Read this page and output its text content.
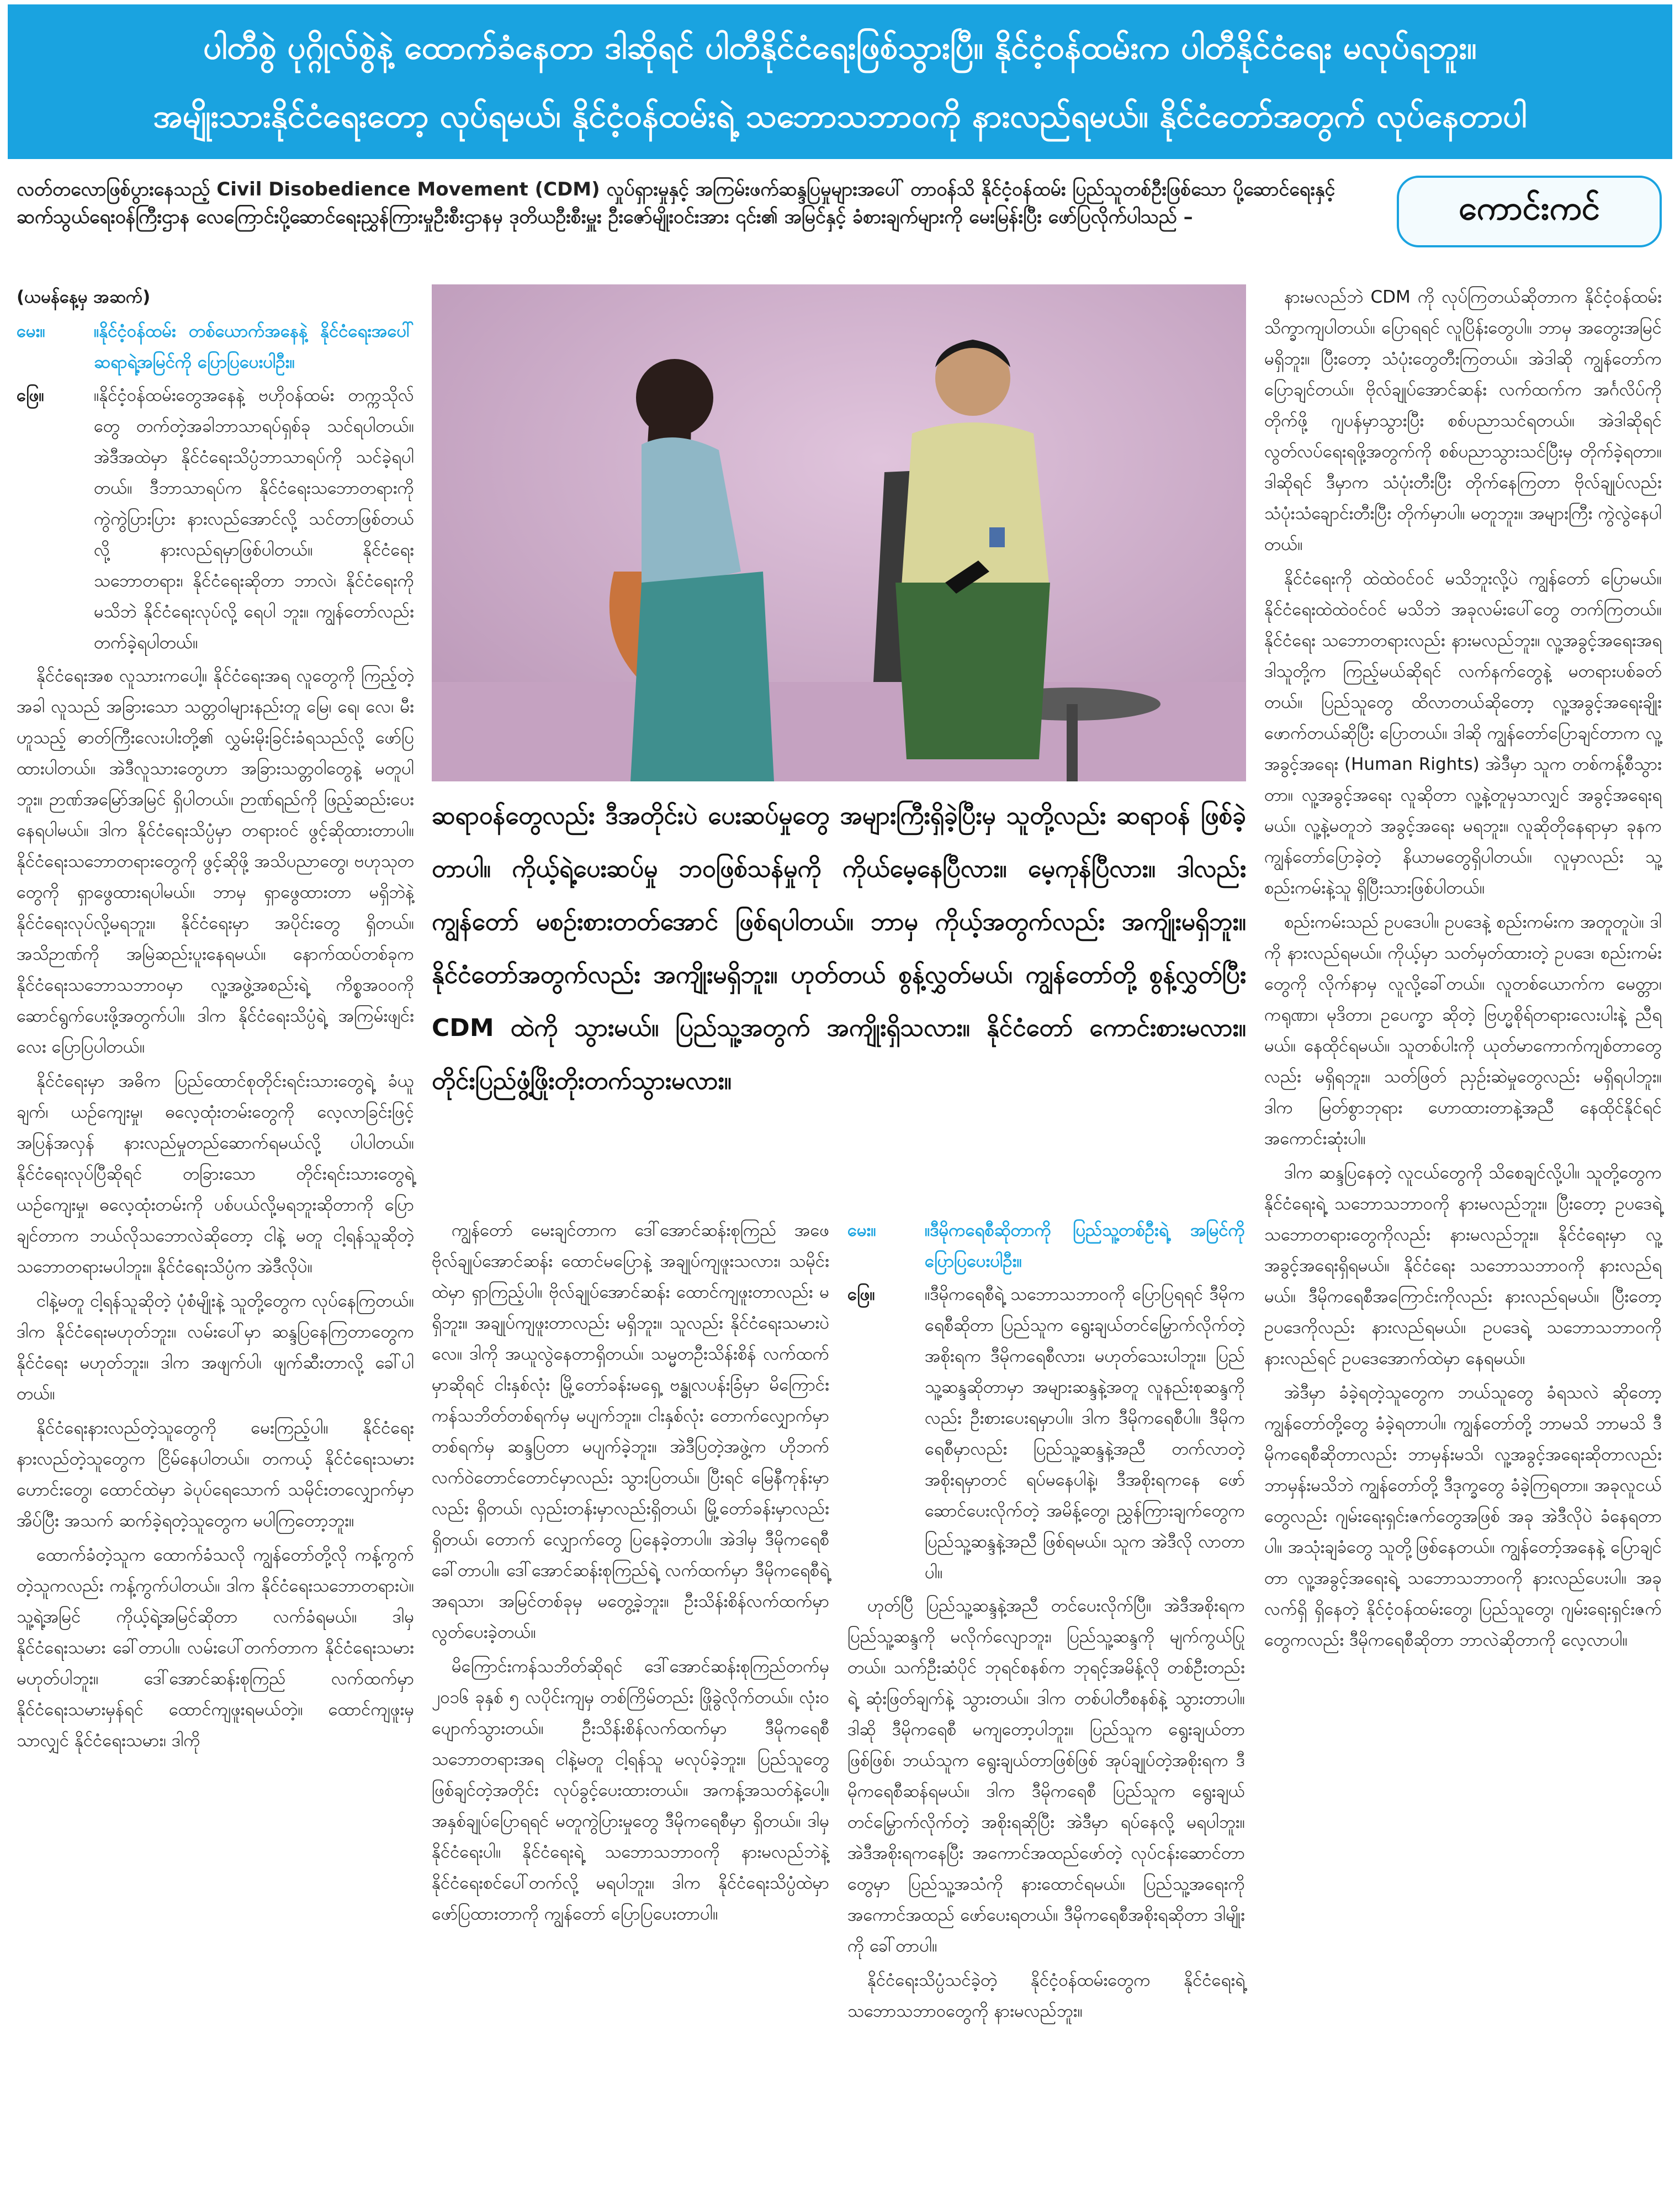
ပါတီစွဲ ပုဂ္ဂိုလ်စွဲနဲ့ ထောက်ခံနေတာ ဒါဆိုရင် ပါတီနိုင်ငံရေးဖြစ်သွားပြီ။ နိုင်ငံ့ဝန်ထမ်းက ပါတီနိုင်ငံရေး မလုပ်ရဘူး။
အမျိုးသားနိုင်ငံရေးတော့ လုပ်ရမယ်၊ နိုင်ငံ့ဝန်ထမ်းရဲ့ သဘောသဘာဝကို နားလည်ရမယ်။ နိုင်ငံတော်အတွက် လုပ်နေတာပါ
လတ်တလောဖြစ်ပွားနေသည့် Civil Disobedience Movement (CDM) လှုပ်ရှားမှုနှင့် အကြမ်းဖက်ဆန္ဒပြမှုများအပေါ် တာဝန်သိ နိုင်ငံ့ဝန်ထမ်း ပြည်သူတစ်ဦးဖြစ်သော ပို့ဆောင်ရေးနှင့် ဆက်သွယ်ရေးဝန်ကြီးဌာန လေကြောင်းပို့ဆောင်ရေးညွှန်ကြားမှုဦးစီးဌာနမှ ဒုတိယဦးစီးမှူး ဦးဇော်မျိုးဝင်းအား ၎င်း၏ အမြင်နှင့် ခံစားချက်များကို မေးမြန်းပြီး ဖော်ပြလိုက်ပါသည် –	ကောင်းကင်

(ယမန်နေ့မှ အဆက်)

မေး။	။နိုင်ငံ့ဝန်ထမ်း တစ်ယောက်အနေနဲ့ နိုင်ငံရေးအပေါ် ဆရာရဲ့အမြင်ကို ပြောပြပေးပါဦး။
ဖြေ။	။နိုင်ငံ့ဝန်ထမ်းတွေအနေနဲ့ ဗဟိုဝန်ထမ်း တက္ကသိုလ်တွေ တက်တဲ့အခါဘာသာရပ်ရှစ်ခု သင်ရပါတယ်။ အဲဒီအထဲမှာ နိုင်ငံရေးသိပ္ပံဘာသာရပ်ကို သင်ခဲ့ရပါတယ်။ ဒီဘာသာရပ်က နိုင်ငံရေးသဘောတရားကို ကွဲကွဲပြားပြား နားလည်အောင်လို့ သင်တာဖြစ်တယ်လို့ နားလည်ရမှာဖြစ်ပါတယ်။ နိုင်ငံရေးသဘောတရား၊ နိုင်ငံရေးဆိုတာ ဘာလဲ၊ နိုင်ငံရေးကို မသိဘဲ နိုင်ငံရေးလုပ်လို့ ရေပါ ဘူး။ ကျွန်တော်လည်း တက်ခဲ့ရပါတယ်။

နိုင်ငံရေးအစ လူသားကပေါ့။ နိုင်ငံရေးအရ လူတွေကို ကြည့်တဲ့အခါ လူသည် အခြားသော သတ္တဝါများနည်းတူ မြေ၊ ရေ၊ လေ၊ မီး ဟူသည့် ဓာတ်ကြီးလေးပါးတို့၏ လွှမ်းမိုးခြင်းခံရသည်လို့ ဖော်ပြထားပါတယ်။ အဲဒီလူသားတွေဟာ အခြားသတ္တဝါတွေနဲ့ မတူပါဘူး။ ဉာဏ်အမြော်အမြင် ရှိပါတယ်။ ဉာဏ်ရည်ကို ဖြည့်ဆည်းပေးနေရပါမယ်။ ဒါက နိုင်ငံရေးသိပ္ပံမှာ တရားဝင် ဖွင့်ဆိုထားတာပါ။ နိုင်ငံရေးသဘောတရားတွေကို ဖွင့်ဆိုဖို့ အသိပညာတွေ၊ ဗဟုသုတတွေကို ရှာဖွေထားရပါမယ်။ ဘာမှ ရှာဖွေထားတာ မရှိဘဲနဲ့ နိုင်ငံရေးလုပ်လို့မရဘူး။ နိုင်ငံရေးမှာ အပိုင်းတွေ ရှိတယ်။ အသိဉာဏ်ကို အမြဲဆည်းပူးနေရမယ်။ နောက်ထပ်တစ်ခုက နိုင်ငံရေးသဘောသဘာဝမှာ လူ့အဖွဲ့အစည်းရဲ့ ကိစ္စအဝဝကို ဆောင်ရွက်ပေးဖို့အတွက်ပါ။ ဒါက နိုင်ငံရေးသိပ္ပံရဲ့ အကြမ်းဖျင်းလေး ပြောပြပါတယ်။

နိုင်ငံရေးမှာ အဓိက ပြည်ထောင်စုတိုင်းရင်းသားတွေရဲ့ ခံယူချက်၊ ယဉ်ကျေးမှု၊ ဓလေ့ထုံးတမ်းတွေကို လေ့လာခြင်းဖြင့် အပြန်အလှန် နားလည်မှုတည်ဆောက်ရမယ်လို့ ပါပါတယ်။ နိုင်ငံရေးလုပ်ပြီဆိုရင် တခြားသော တိုင်းရင်းသားတွေရဲ့ ယဉ်ကျေးမှု၊ ဓလေ့ထုံးတမ်းကို ပစ်ပယ်လို့မရဘူးဆိုတာကို ပြောချင်တာက ဘယ်လိုသဘောလဲဆိုတော့ ငါနဲ့ မတူ ငါ့ရန်သူဆိုတဲ့ သဘောတရားမပါဘူး။ နိုင်ငံရေးသိပ္ပံက အဲဒီလိုပဲ။

ငါနဲ့မတူ ငါ့ရန်သူဆိုတဲ့ ပုံစံမျိုးနဲ့ သူတို့တွေက လုပ်နေကြတယ်။ ဒါက နိုင်ငံရေးမဟုတ်ဘူး။ လမ်းပေါ်မှာ ဆန္ဒပြနေကြတာတွေက နိုင်ငံရေး မဟုတ်ဘူး။ ဒါက အဖျက်ပါ၊ ဖျက်ဆီးတာလို့ ခေါ်ပါတယ်။

နိုင်ငံရေးနားလည်တဲ့သူတွေကို မေးကြည့်ပါ။ နိုင်ငံရေး နားလည်တဲ့သူတွေက ငြိမ်နေပါတယ်။ တကယ့် နိုင်ငံရေးသမားဟောင်းတွေ၊ ထောင်ထဲမှာ ခဲပုပ်ရေသောက် သမိုင်းတလျှောက်မှာအိပ်ပြီး အသက် ဆက်ခဲ့ရတဲ့သူတွေက မပါကြတော့ဘူး။

ထောက်ခံတဲ့သူက ထောက်ခံသလို ကျွန်တော်တို့လို ကန့်ကွက်တဲ့သူကလည်း ကန့်ကွက်ပါတယ်။ ဒါက နိုင်ငံရေးသဘောတရားပဲ။ သူ့ရဲ့အမြင် ကိုယ့်ရဲ့အမြင်ဆိုတာ လက်ခံရမယ်။ ဒါမှ နိုင်ငံရေးသမား ခေါ်တာပါ။ လမ်းပေါ်တက်တာက နိုင်ငံရေးသမား မဟုတ်ပါဘူး။ ဒေါ်အောင်ဆန်းစုကြည် လက်ထက်မှာ နိုင်ငံရေးသမားမှန်ရင် ထောင်ကျဖူးရမယ်တဲ့။ ထောင်ကျဖူးမှသာလျှင် နိုင်ငံရေးသမား၊ ဒါကို

ဆရာဝန်တွေလည်း ဒီအတိုင်းပဲ ပေးဆပ်မှုတွေ အများကြီးရှိခဲ့ပြီးမှ သူတို့လည်း ဆရာဝန် ဖြစ်ခဲ့တာပါ။ ကိုယ့်ရဲ့ပေးဆပ်မှု ဘဝဖြစ်သန်မှုကို ကိုယ်မေ့နေပြီလား။ မေ့ကုန်ပြီလား။ ဒါလည်း ကျွန်တော် မစဉ်းစားတတ်အောင် ဖြစ်ရပါတယ်။ ဘာမှ ကိုယ့်အတွက်လည်း အကျိုးမရှိဘူး။ နိုင်ငံတော်အတွက်လည်း အကျိုးမရှိဘူး။ ဟုတ်တယ် စွန့်လွှတ်မယ်၊ ကျွန်တော်တို့ စွန့်လွှတ်ပြီး CDM ထဲကို သွားမယ်။ ပြည်သူ့အတွက် အကျိုးရှိသလား။ နိုင်ငံတော် ကောင်းစားမလား။ တိုင်းပြည်ဖွံ့ဖြိုးတိုးတက်သွားမလား။

ကျွန်တော် မေးချင်တာက ဒေါ်အောင်ဆန်းစုကြည် အဖေ ဗိုလ်ချုပ်အောင်ဆန်း ထောင်မပြောနဲ့ အချုပ်ကျဖူးသလား၊ သမိုင်းထဲမှာ ရှာကြည့်ပါ။ ဗိုလ်ချုပ်အောင်ဆန်း ထောင်ကျဖူးတာလည်း မရှိဘူး။ အချုပ်ကျဖူးတာလည်း မရှိဘူး။ သူလည်း နိုင်ငံရေးသမားပဲလေ။ ဒါကို အယူလွဲနေတာရှိတယ်။ သမ္မတဦးသိန်းစိန် လက်ထက်မှာဆိုရင် ငါးနှစ်လုံး မြို့တော်ခန်းမရှေ့ ဗန္ဓုလပန်းခြံမှာ မိကြောင်းကန်သဘိတ်တစ်ရက်မှ မပျက်ဘူး။ ငါးနှစ်လုံး တောက်လျှောက်မှာ တစ်ရက်မှ ဆန္ဒပြတာ မပျက်ခဲ့ဘူး။ အဲဒီပြတဲ့အဖွဲ့က ဟိုဘက် လက်ဝဲတောင်တောင်မှာလည်း သွားပြတယ်။ ပြီးရင် မြေနီကုန်းမှာလည်း ရှိတယ်၊ လှည်းတန်းမှာလည်းရှိတယ်၊ မြို့တော်ခန်းမှာလည်းရှိတယ်၊ တောက် လျှောက်တွေ ပြနေခဲ့တာပါ။ အဲဒါမှ ဒီမိုကရေစီခေါ်တာပါ။ ဒေါ်အောင်ဆန်းစုကြည်ရဲ့ လက်ထက်မှာ ဒီမိုကရေစီရဲ့ အရသာ၊ အမြင်တစ်ခုမှ မတွေ့ခဲ့ဘူး။ ဦးသိန်းစိန်လက်ထက်မှာ လွတ်ပေးခဲ့တယ်။

မိကြောင်းကန်သဘိတ်ဆိုရင် ဒေါ်အောင်ဆန်းစုကြည်တက်မှ ၂၀၁၆ ခုနှစ် ၅ လပိုင်းကျမှ တစ်ကြိမ်တည်း ဖြိုခွဲလိုက်တယ်။ လုံးဝပျောက်သွားတယ်။ ဦးသိန်းစိန်လက်ထက်မှာ ဒီမိုကရေစီ သဘောတရားအရ ငါနဲ့မတူ ငါ့ရန်သူ မလုပ်ခဲ့ဘူး။ ပြည်သူတွေ ဖြစ်ချင်တဲ့အတိုင်း လုပ်ခွင့်ပေးထားတယ်။ အကန့်အသတ်နဲ့ပေါ့။ အနှစ်ချုပ်ပြောရရင် မတူကွဲပြားမှုတွေ ဒီမိုကရေစီမှာ ရှိတယ်။ ဒါမှ နိုင်ငံရေးပါ။ နိုင်ငံရေးရဲ့ သဘောသဘာဝကို နားမလည်ဘဲနဲ့ နိုင်ငံရေးစင်ပေါ်တက်လို့ မရပါဘူး။ ဒါက နိုင်ငံရေးသိပ္ပံထဲမှာ ဖော်ပြထားတာကို ကျွန်တော် ပြောပြပေးတာပါ။

မေး။	။ဒီမိုကရေစီဆိုတာကို ပြည်သူ့တစ်ဦးရဲ့ အမြင်ကို ပြောပြပေးပါဦး။
ဖြေ။	။ဒီမိုကရေစီရဲ့ သဘောသဘာဝကို ပြောပြရရင် ဒီမိုကရေစီဆိုတာ ပြည်သူက ရွေးချယ်တင်မြှောက်လိုက်တဲ့ အစိုးရက ဒီမိုကရေစီလား၊ မဟုတ်သေးပါဘူး။ ပြည်သူ့ဆန္ဒဆိုတာမှာ အများဆန္ဒနဲ့အတူ လူနည်းစုဆန္ဒကိုလည်း ဦးစားပေးရမှာပါ။ ဒါက ဒီမိုကရေစီပါ။ ဒီမိုကရေစီမှာလည်း ပြည်သူ့ဆန္ဒနဲ့အညီ တက်လာတဲ့ အစိုးရမှာတင် ရပ်မနေပါနဲ့၊ ဒီအစိုးရကနေ ဖော်ဆောင်ပေးလိုက်တဲ့ အမိန့်တွေ၊ ညွှန်ကြားချက်တွေက ပြည်သူ့ဆန္ဒနဲ့အညီ ဖြစ်ရမယ်။ သူက အဲဒီလို လာတာပါ။

ဟုတ်ပြီ ပြည်သူ့ဆန္ဒနဲ့အညီ တင်ပေးလိုက်ပြီ။ အဲဒီအစိုးရက ပြည်သူ့ဆန္ဒကို မလိုက်လျောဘူး၊ ပြည်သူ့ဆန္ဒကို မျက်ကွယ်ပြုတယ်။ သက်ဦးဆံပိုင် ဘုရင်စနစ်က ဘုရင့်အမိန့်လို တစ်ဦးတည်းရဲ့ ဆုံးဖြတ်ချက်နဲ့ သွားတယ်။ ဒါက တစ်ပါတီစနစ်နဲ့ သွားတာပါ။ ဒါဆို ဒီမိုကရေစီ မကျတော့ပါဘူး။ ပြည်သူက ရွေးချယ်တာဖြစ်ဖြစ်၊ ဘယ်သူက ရွေးချယ်တာဖြစ်ဖြစ် အုပ်ချုပ်တဲ့အစိုးရက ဒီမိုကရေစီဆန်ရမယ်။ ဒါက ဒီမိုကရေစီ ပြည်သူက ရွေးချယ်တင်မြှောက်လိုက်တဲ့ အစိုးရဆိုပြီး အဲဒီမှာ ရပ်နေလို့ မရပါဘူး။ အဲဒီအစိုးရကနေပြီး အကောင်အထည်ဖော်တဲ့ လုပ်ငန်းဆောင်တာတွေမှာ ပြည်သူ့အသံကို နားထောင်ရမယ်။ ပြည်သူ့အရေးကို အကောင်အထည် ဖော်ပေးရတယ်။ ဒီမိုကရေစီအစိုးရဆိုတာ ဒါမျိုးကို ခေါ်တာပါ။

နိုင်ငံရေးသိပ္ပံသင်ခဲ့တဲ့ နိုင်ငံ့ဝန်ထမ်းတွေက နိုင်ငံရေးရဲ့ သဘောသဘာဝတွေကို နားမလည်ဘူး။

နားမလည်ဘဲ CDM ကို လုပ်ကြတယ်ဆိုတာက နိုင်ငံ့ဝန်ထမ်း သိက္ခာကျပါတယ်။ ပြောရရင် လူပြိန်းတွေပါ။ ဘာမှ အတွေးအမြင်မရှိဘူး။ ပြီးတော့ သံပုံးတွေတီးကြတယ်။ အဲဒါဆို ကျွန်တော်က ပြောချင်တယ်။ ဗိုလ်ချုပ်အောင်ဆန်း လက်ထက်က အင်္ဂလိပ်ကို တိုက်ဖို့ ဂျပန်မှာသွားပြီး စစ်ပညာသင်ရတယ်။ အဲဒါဆိုရင် လွတ်လပ်ရေးရဖို့အတွက်ကို စစ်ပညာသွားသင်ပြီးမှ တိုက်ခဲ့ရတာ။ ဒါဆိုရင် ဒီမှာက သံပုံးတီးပြီး တိုက်နေကြတာ ဗိုလ်ချုပ်လည်း သံပုံးသံချောင်းတီးပြီး တိုက်မှာပါ။ မတူဘူး။ အများကြီး ကွဲလွဲနေပါတယ်။

နိုင်ငံရေးကို ထဲထဲဝင်ဝင် မသိဘူးလို့ပဲ ကျွန်တော် ပြောမယ်။ နိုင်ငံရေးထဲထဲဝင်ဝင် မသိဘဲ အခုလမ်းပေါ်တွေ တက်ကြတယ်။ နိုင်ငံရေး သဘောတရားလည်း နားမလည်ဘူး။ လူ့အခွင့်အရေးအရ ဒါသူတို့က ကြည့်မယ်ဆိုရင် လက်နက်တွေနဲ့ မတရားပစ်ခတ်တယ်။ ပြည်သူတွေ ထိလာတယ်ဆိုတော့ လူ့အခွင့်အရေးချိုးဖောက်တယ်ဆိုပြီး ပြောတယ်။ ဒါဆို ကျွန်တော်ပြောချင်တာက လူ့အခွင့်အရေး (Human Rights) အဲဒီမှာ သူက တစ်ကန့်စီသွားတာ။ လူ့အခွင့်အရေး လူဆိုတာ လူ့နဲ့တူမှသာလျှင် အခွင့်အရေးရမယ်။ လူ့နဲ့မတူဘဲ အခွင့်အရေး မရဘူး။ လူဆိုတိုနေရာမှာ ခုနက ကျွန်တော်ပြောခဲ့တဲ့ နိယာမတွေရှိပါတယ်။ လူမှာလည်း သူ့စည်းကမ်းနဲ့သူ ရှိပြီးသားဖြစ်ပါတယ်။

စည်းကမ်းသည် ဥပဒေပါ။ ဥပဒေနဲ့ စည်းကမ်းက အတူတူပဲ။ ဒါကို နားလည်ရမယ်။ ကိုယ့်မှာ သတ်မှတ်ထားတဲ့ ဥပဒေ၊ စည်းကမ်းတွေကို လိုက်နာမှ လူလို့ခေါ်တယ်။ လူတစ်ယောက်က မေတ္တာ၊ ကရုဏာ၊ မုဒိတာ၊ ဥပေက္ခာ ဆိုတဲ့ ဗြဟ္မစိုရ်တရားလေးပါးနဲ့ ညီရမယ်။ နေထိုင်ရမယ်။ သူတစ်ပါးကို ယုတ်မာကောက်ကျစ်တာတွေလည်း မရှိရဘူး။ သတ်ဖြတ် ညှဉ်းဆဲမှုတွေလည်း မရှိရပါဘူး။ ဒါက မြတ်စွာဘုရား ဟောထားတာနဲ့အညီ နေထိုင်နိုင်ရင် အကောင်းဆုံးပါ။

ဒါက ဆန္ဒပြနေတဲ့ လူငယ်တွေကို သိစေချင်လို့ပါ။ သူတို့တွေက နိုင်ငံရေးရဲ့ သဘောသဘာဝကို နားမလည်ဘူး။ ပြီးတော့ ဥပဒေရဲ့ သဘောတရားတွေကိုလည်း နားမလည်ဘူး။ နိုင်ငံရေးမှာ လူ့အခွင့်အရေးရှိရမယ်။ နိုင်ငံရေး သဘောသဘာဝကို နားလည်ရမယ်။ ဒီမိုကရေစီအကြောင်းကိုလည်း နားလည်ရမယ်။ ပြီးတော့ ဥပဒေကိုလည်း နားလည်ရမယ်။ ဥပဒေရဲ့ သဘောသဘာဝကို နားလည်ရင် ဥပဒေအောက်ထဲမှာ နေရမယ်။

အဲဒီမှာ ခံခဲ့ရတဲ့သူတွေက ဘယ်သူတွေ ခံရသလဲ ဆိုတော့ ကျွန်တော်တို့တွေ ခံခဲ့ရတာပါ။ ကျွန်တော်တို့ ဘာမသိ ဘာမသိ ဒီမိုကရေစီဆိုတာလည်း ဘာမှန်းမသိ၊ လူ့အခွင့်အရေးဆိုတာလည်း ဘာမှန်းမသိဘဲ ကျွန်တော်တို့ ဒီဒုက္ခတွေ ခံခဲ့ကြရတာ။ အခုလူငယ်တွေလည်း ဂျမ်းရေးရှင်းဇက်တွေအဖြစ် အခု အဲဒီလိုပဲ ခံနေရတာပါ။ အသုံးချခံတွေ သူတို့ဖြစ်နေတယ်။ ကျွန်တော့်အနေနဲ့ ပြောချင်တာ လူ့အခွင့်အရေးရဲ့ သဘောသဘာဝကို နားလည်ပေးပါ။ အခုလက်ရှိ ရှိနေတဲ့ နိုင်ငံ့ဝန်ထမ်းတွေ၊ ပြည်သူတွေ၊ ဂျမ်းရေးရှင်းဇက်တွေကလည်း ဒီမိုကရေစီဆိုတာ ဘာလဲဆိုတာကို လေ့လာပါ။
